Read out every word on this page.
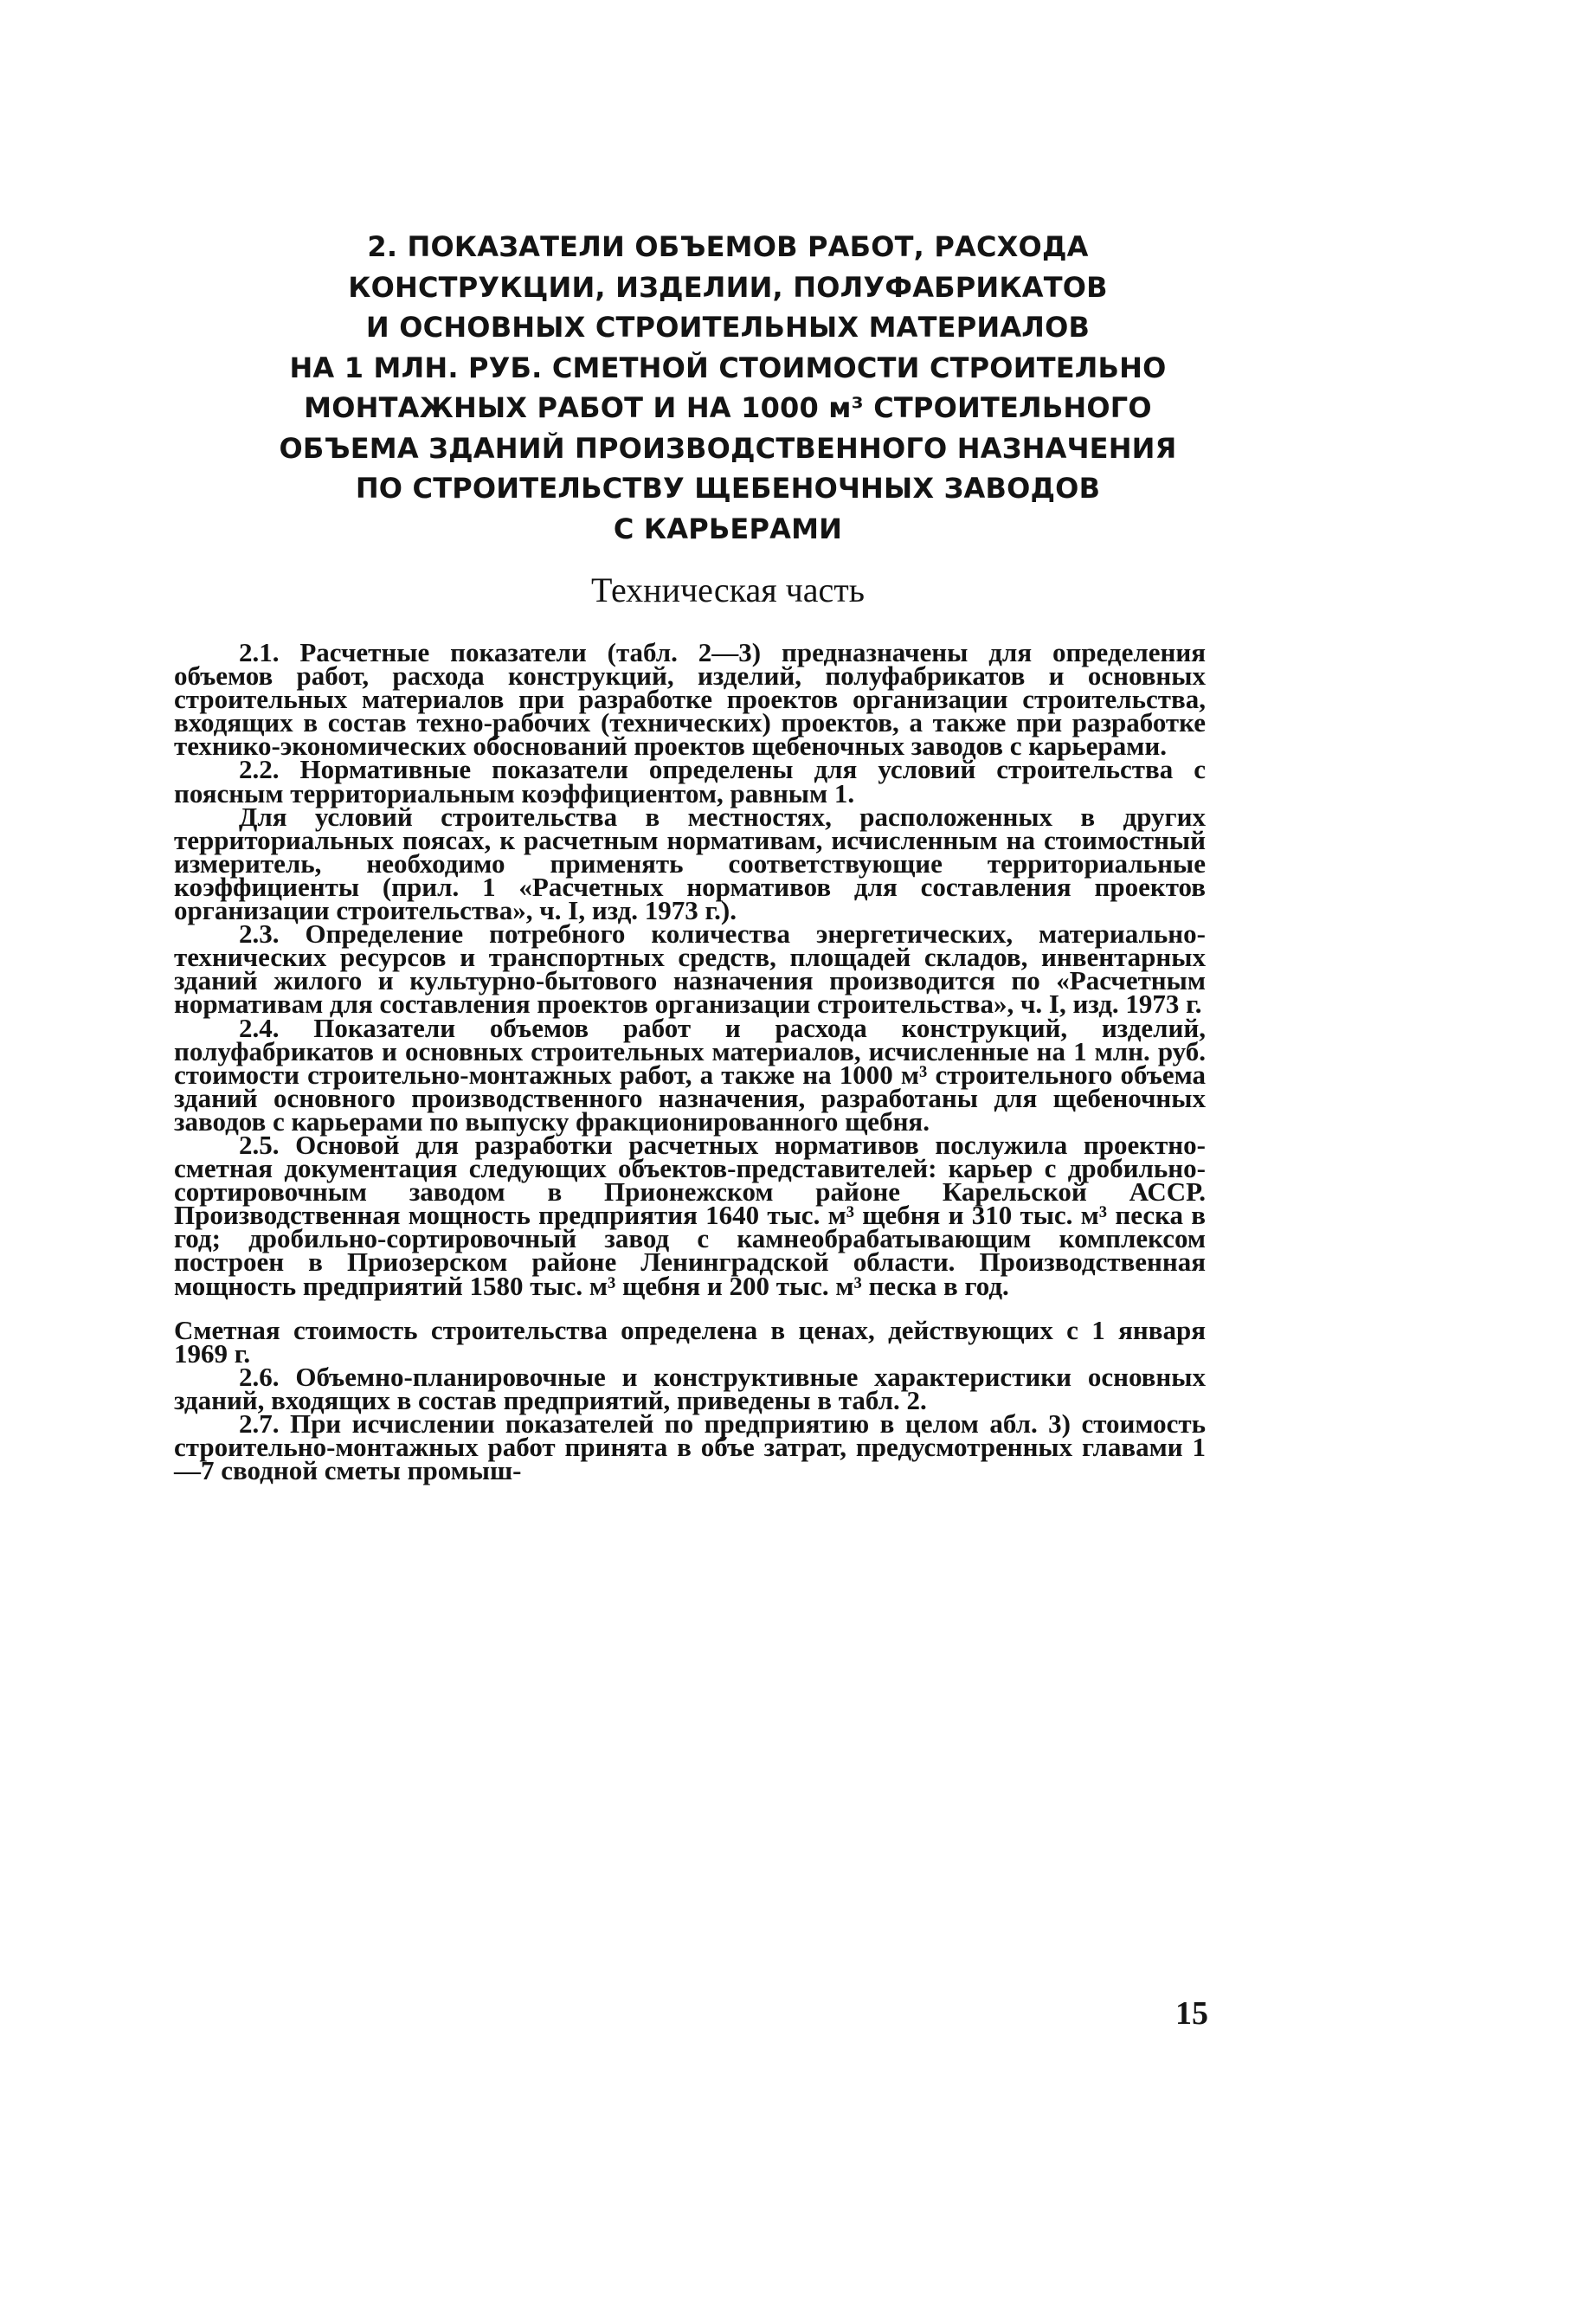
2. ПОКАЗАТЕЛИ ОБЪЕМОВ РАБОТ, РАСХОДА
КОНСТРУКЦИИ, ИЗДЕЛИИ, ПОЛУФАБРИКАТОВ
И ОСНОВНЫХ СТРОИТЕЛЬНЫХ МАТЕРИАЛОВ
НА 1 МЛН. РУБ. СМЕТНОЙ СТОИМОСТИ СТРОИТЕЛЬНО
МОНТАЖНЫХ РАБОТ И НА 1000 м³ СТРОИТЕЛЬНОГО
ОБЪЕМА ЗДАНИЙ ПРОИЗВОДСТВЕННОГО НАЗНАЧЕНИЯ
ПО СТРОИТЕЛЬСТВУ ЩЕБЕНОЧНЫХ ЗАВОДОВ
С КАРЬЕРАМИ
Техническая часть

2.1. Расчетные показатели (табл. 2—3) предназначены для определения объемов работ, расхода конструкций, изделий, полуфабрикатов и основных строительных материалов при разработке проектов организации строительства, входящих в состав техно-рабочих (технических) проектов, а также при разработке технико-экономических обоснований проектов щебеночных заводов с карьерами.

2.2. Нормативные показатели определены для условий строительства с поясным территориальным коэффициентом, равным 1.

Для условий строительства в местностях, расположенных в других территориальных поясах, к расчетным нормативам, исчисленным на стоимостный измеритель, необходимо применять соответствующие территориальные коэффициенты (прил. 1 «Расчетных нормативов для составления проектов организации строительства», ч. I, изд. 1973 г.).

2.3. Определение потребного количества энергетических, материально-технических ресурсов и транспортных средств, площадей складов, инвентарных зданий жилого и культурно-бытового назначения производится по «Расчетным нормативам для составления проектов организации строительства», ч. I, изд. 1973 г.

2.4. Показатели объемов работ и расхода конструкций, изделий, полуфабрикатов и основных строительных материалов, исчисленные на 1 млн. руб. стоимости строительно-монтажных работ, а также на 1000 м³ строительного объема зданий основного производственного назначения, разработаны для щебеночных заводов с карьерами по выпуску фракционированного щебня.

2.5. Основой для разработки расчетных нормативов послужила проектно-сметная документация следующих объектов-представителей: карьер с дробильно-сортировочным заводом в Прионежском районе Карельской АССР. Производственная мощность предприятия 1640 тыс. м³ щебня и 310 тыс. м³ песка в год; дробильно-сортировочный завод с камнеобрабатывающим комплексом построен в Приозерском районе Ленинградской области. Производственная мощность предприятий 1580 тыс. м³ щебня и 200 тыс. м³ песка в год.

Сметная стоимость строительства определена в ценах, действующих с 1 января 1969 г.

2.6. Объемно-планировочные и конструктивные характеристики основных зданий, входящих в состав предприятий, приведены в табл. 2.

2.7. При исчислении показателей по предприятию в целом абл. 3) стоимость строительно-монтажных работ принята в объе затрат, предусмотренных главами 1—7 сводной сметы промыш-

15
